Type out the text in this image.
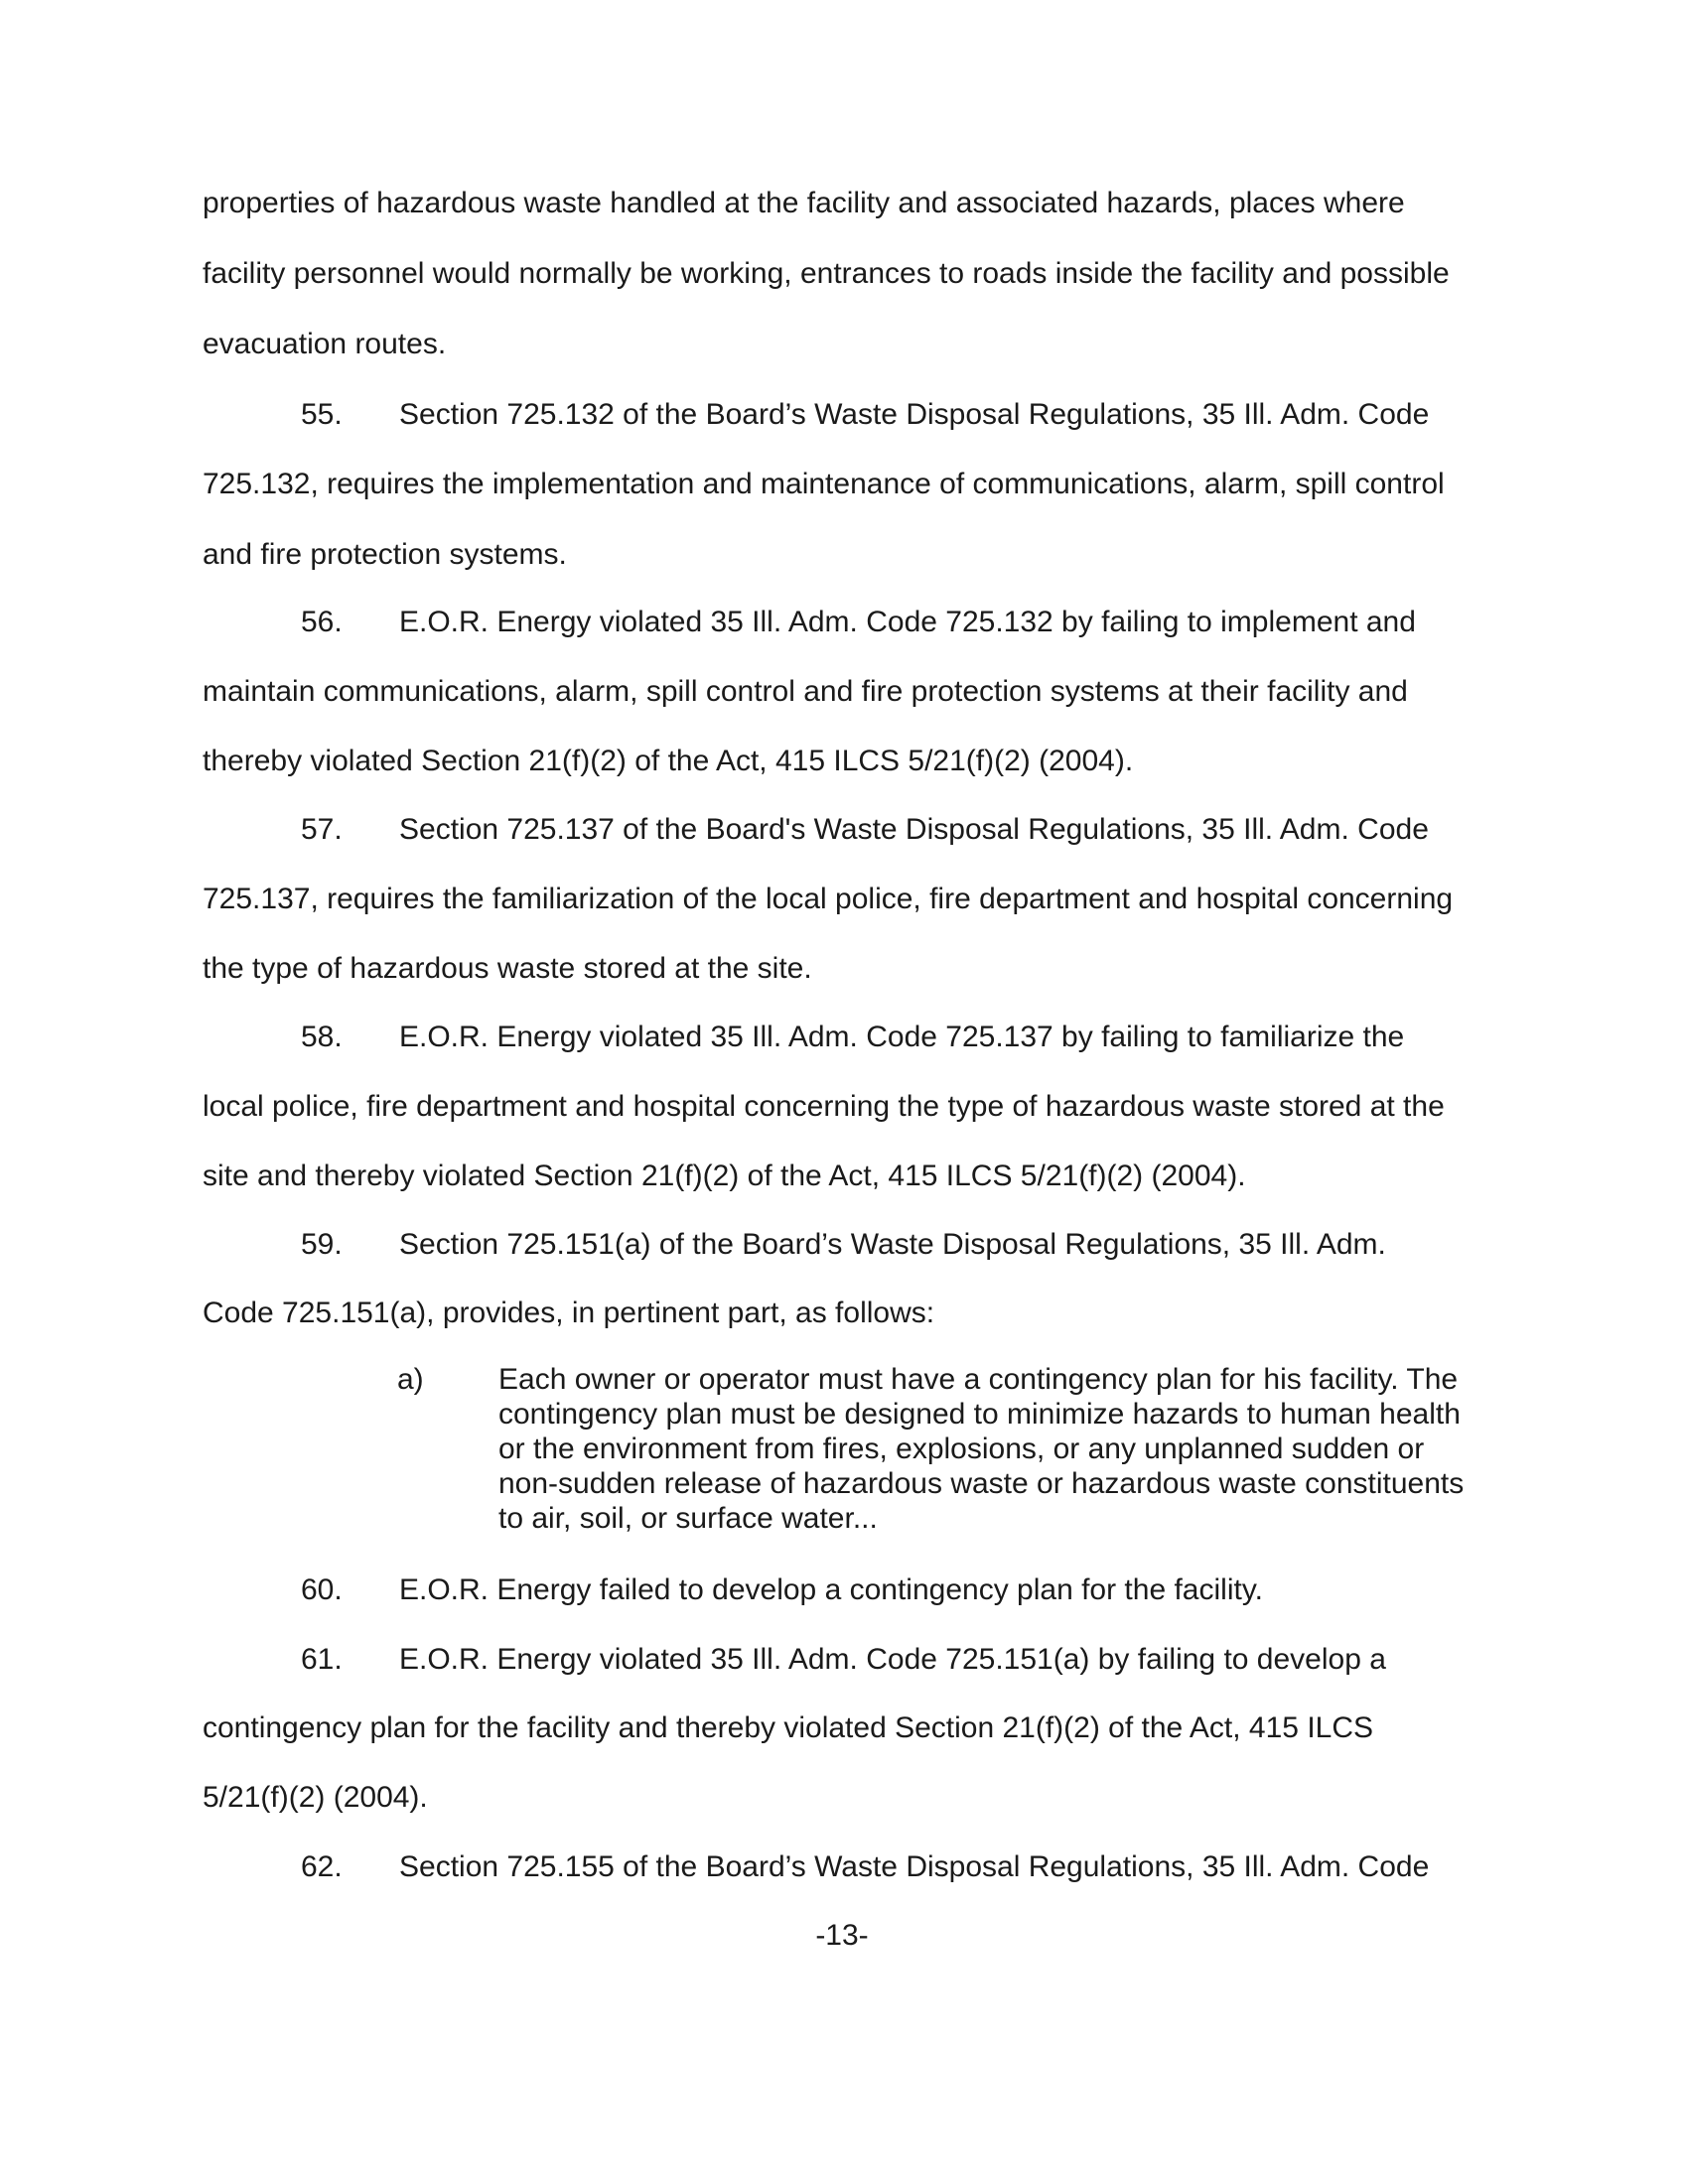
properties of hazardous waste handled at the facility and associated hazards, places where
facility personnel would normally be working, entrances to roads inside the facility and possible
evacuation routes.
55. Section 725.132 of the Board’s Waste Disposal Regulations, 35 Ill. Adm. Code
725.132, requires the implementation and maintenance of communications, alarm, spill control
and fire protection systems.
56. E.O.R. Energy violated 35 Ill. Adm. Code 725.132 by failing to implement and
maintain communications, alarm, spill control and fire protection systems at their facility and
thereby violated Section 21(f)(2) of the Act, 415 ILCS 5/21(f)(2) (2004).
57. Section 725.137 of the Board's Waste Disposal Regulations, 35 Ill. Adm. Code
725.137, requires the familiarization of the local police, fire department and hospital concerning
the type of hazardous waste stored at the site.
58. E.O.R. Energy violated 35 Ill. Adm. Code 725.137 by failing to familiarize the
local police, fire department and hospital concerning the type of hazardous waste stored at the
site and thereby violated Section 21(f)(2) of the Act, 415 ILCS 5/21(f)(2) (2004).
59. Section 725.151(a) of the Board’s Waste Disposal Regulations, 35 Ill. Adm.
Code 725.151(a), provides, in pertinent part, as follows:
a)	Each owner or operator must have a contingency plan for his facility. The
contingency plan must be designed to minimize hazards to human health
or the environment from fires, explosions, or any unplanned sudden or
non-sudden release of hazardous waste or hazardous waste constituents
to air, soil, or surface water...
60. E.O.R. Energy failed to develop a contingency plan for the facility.
61. E.O.R. Energy violated 35 Ill. Adm. Code 725.151(a) by failing to develop a
contingency plan for the facility and thereby violated Section 21(f)(2) of the Act, 415 ILCS
5/21(f)(2) (2004).
62. Section 725.155 of the Board’s Waste Disposal Regulations, 35 Ill. Adm. Code
-13-
